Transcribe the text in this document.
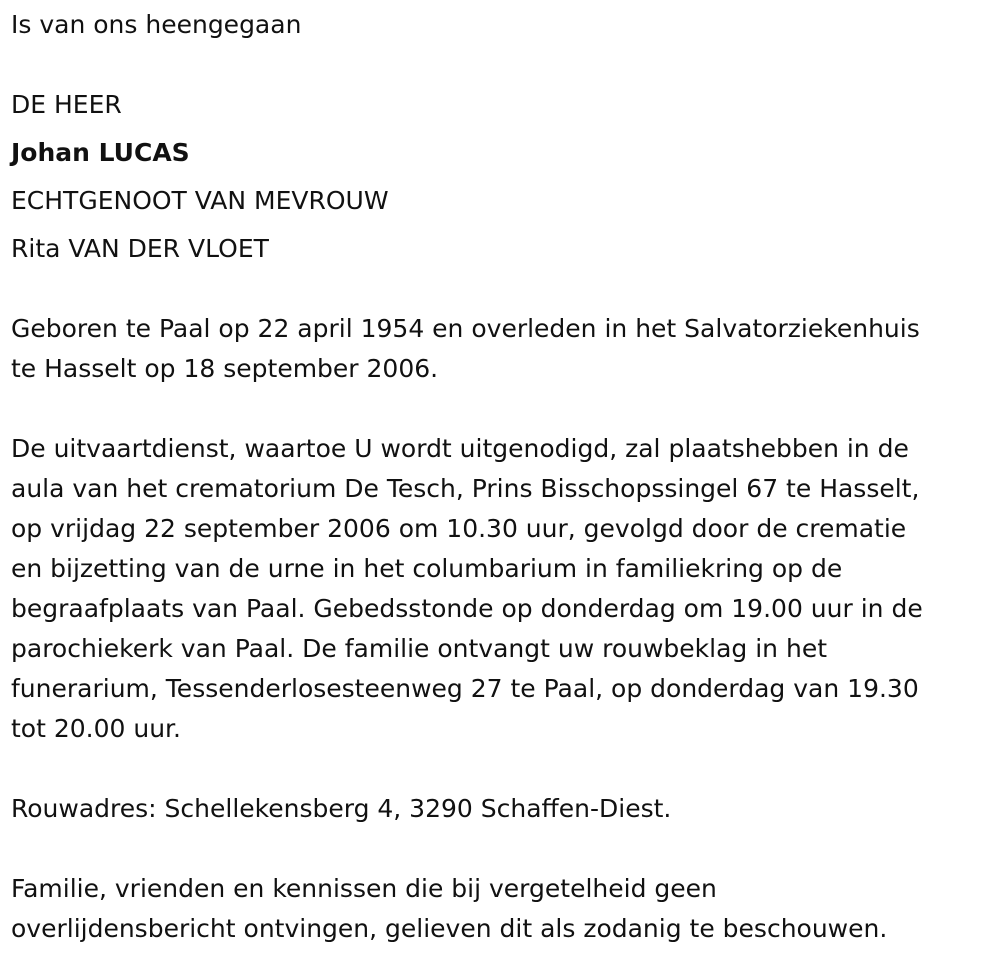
Is van ons heengegaan
DE HEER
Johan LUCAS
ECHTGENOOT VAN MEVROUW
Rita VAN DER VLOET
Geboren te Paal op 22 april 1954 en overleden in het Salvatorziekenhuis
te Hasselt op 18 september 2006.
De uitvaartdienst, waartoe U wordt uitgenodigd, zal plaatshebben in de
aula van het crematorium De Tesch, Prins Bisschopssingel 67 te Hasselt,
op vrijdag 22 september 2006 om 10.30 uur, gevolgd door de crematie
en bijzetting van de urne in het columbarium in familiekring op de
begraafplaats van Paal. Gebedsstonde op donderdag om 19.00 uur in de
parochiekerk van Paal. De familie ontvangt uw rouwbeklag in het
funerarium, Tessenderlosesteenweg 27 te Paal, op donderdag van 19.30
tot 20.00 uur.
Rouwadres: Schellekensberg 4, 3290 Schaffen-Diest.
Familie, vrienden en kennissen die bij vergetelheid geen
overlijdensbericht ontvingen, gelieven dit als zodanig te beschouwen.
